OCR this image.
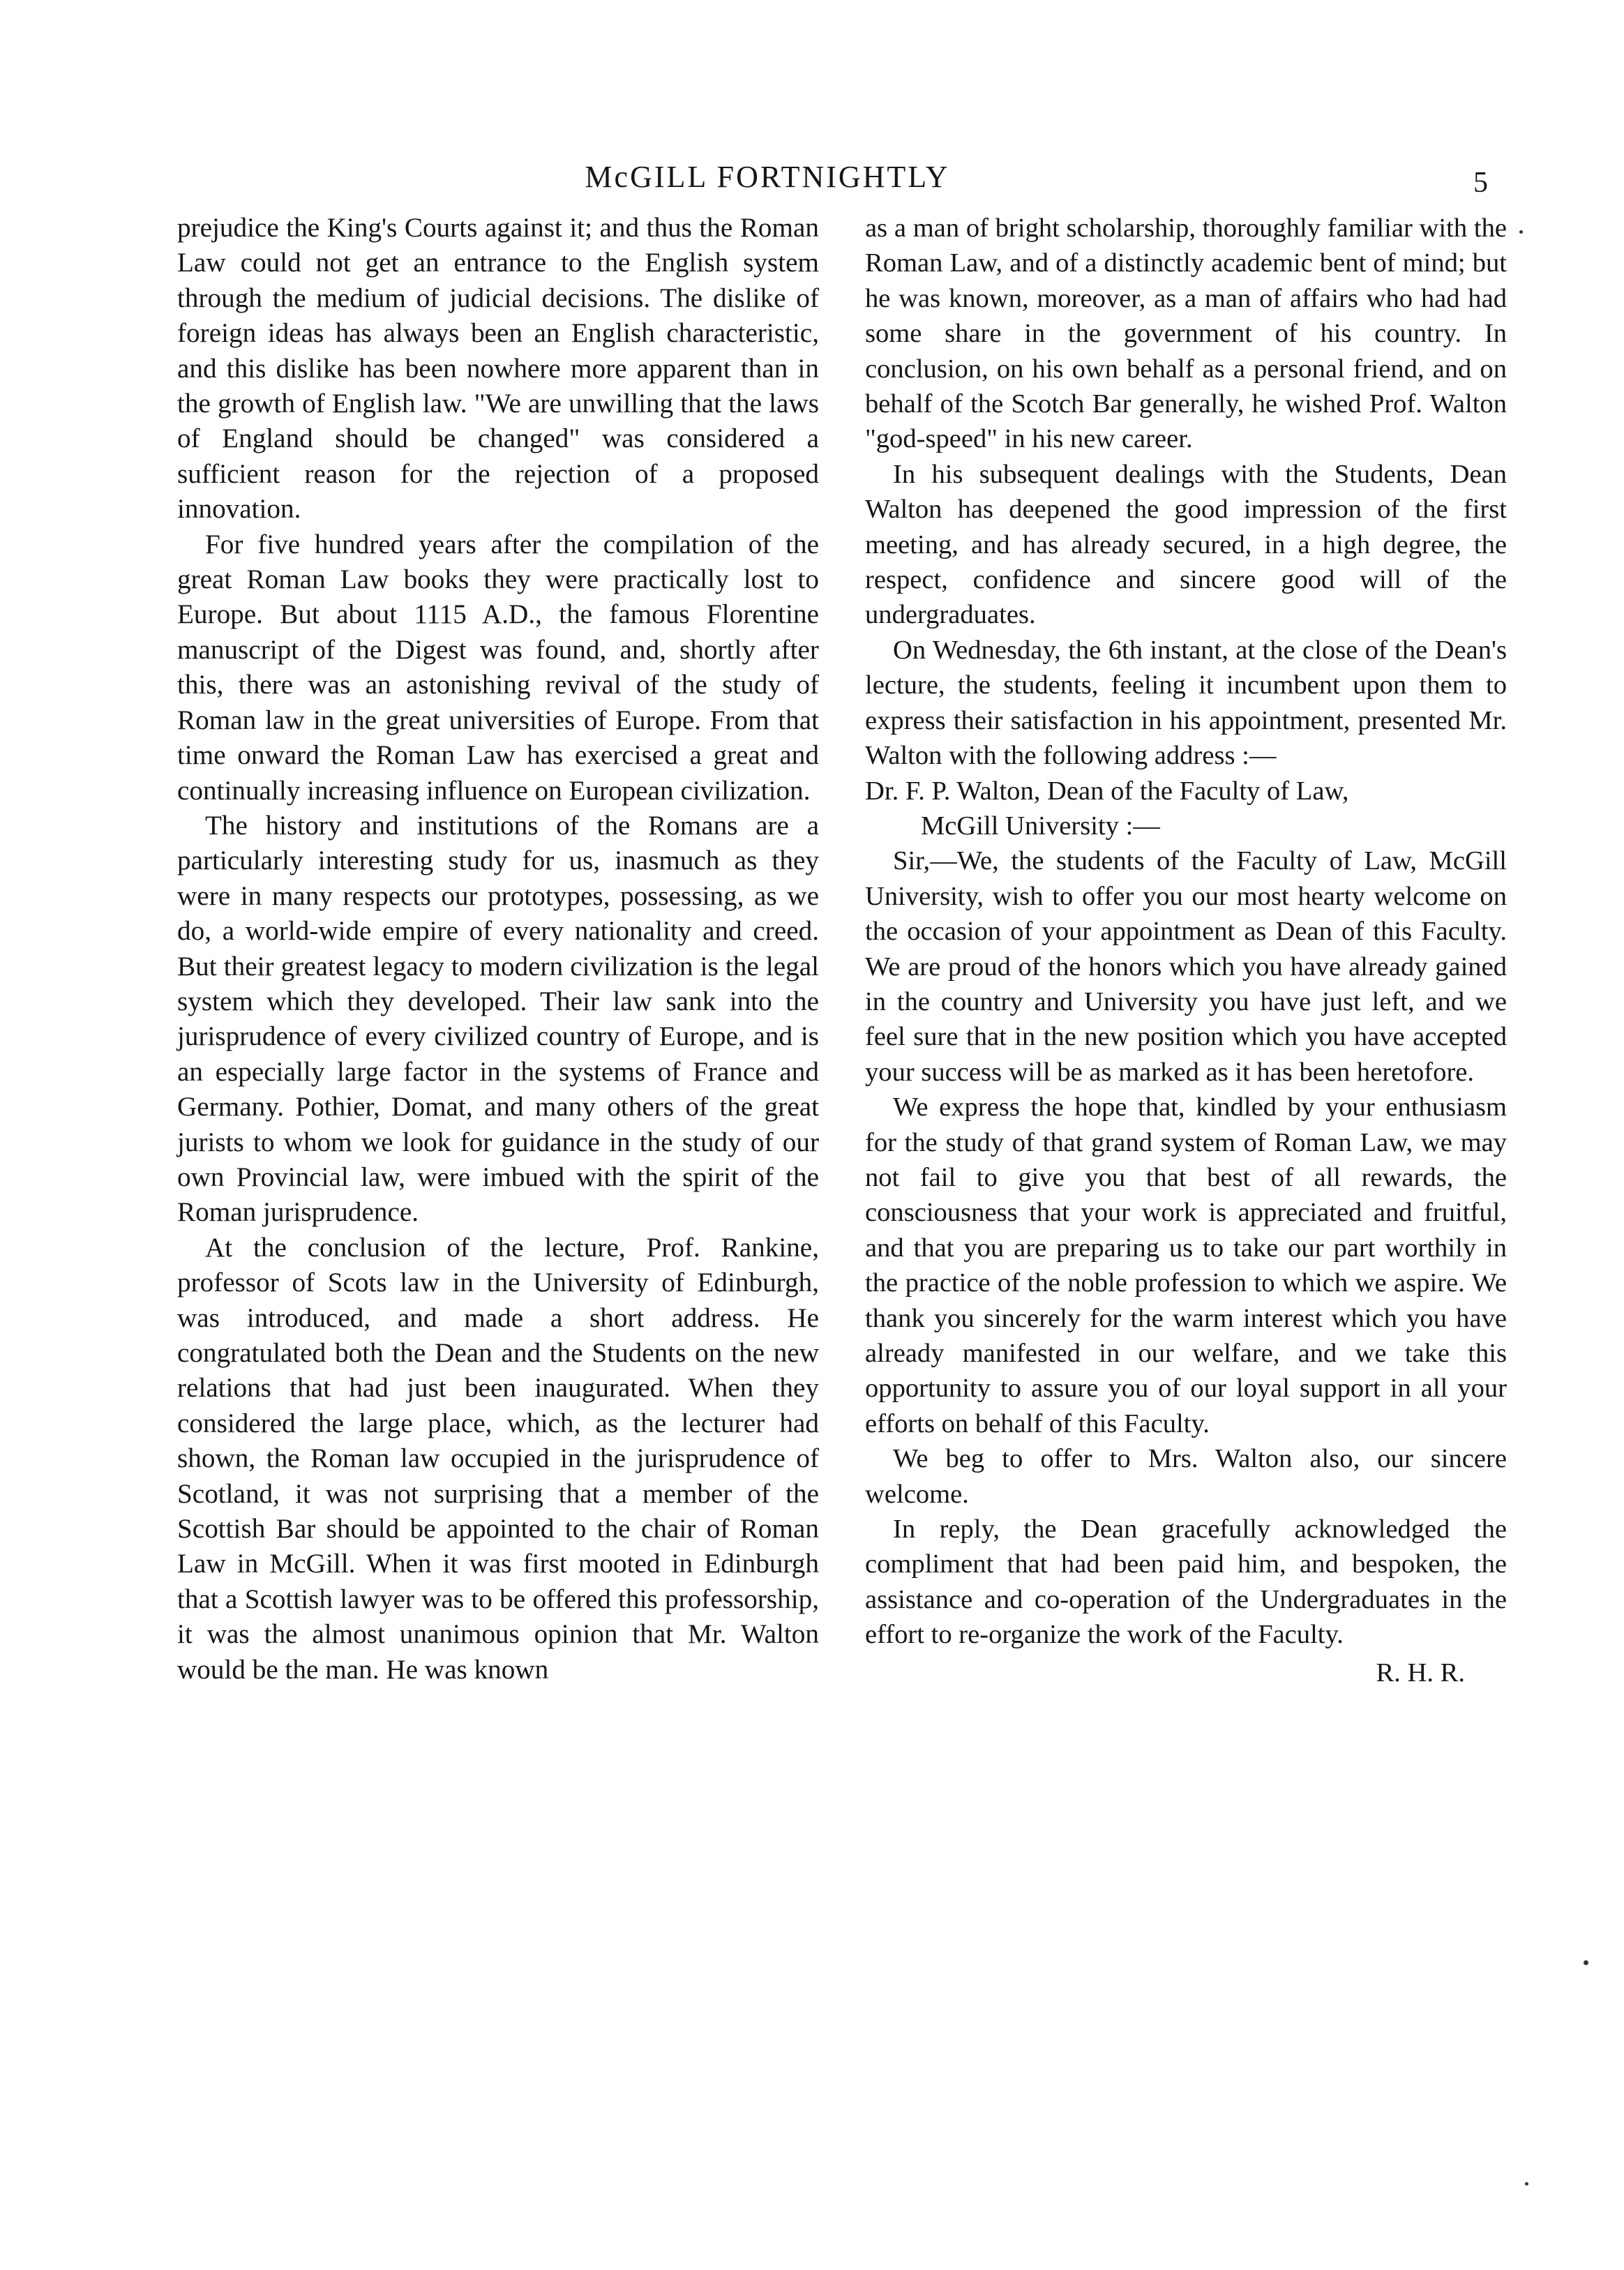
McGILL FORTNIGHTLY	5

prejudice the King's Courts against it; and thus the Roman Law could not get an entrance to the English system through the medium of judicial decisions. The dislike of foreign ideas has always been an English characteristic, and this dislike has been nowhere more apparent than in the growth of English law. "We are unwilling that the laws of England should be changed" was considered a sufficient reason for the rejection of a proposed innovation.

For five hundred years after the compilation of the great Roman Law books they were practically lost to Europe. But about 1115 A.D., the famous Florentine manuscript of the Digest was found, and, shortly after this, there was an astonishing revival of the study of Roman law in the great universities of Europe. From that time onward the Roman Law has exercised a great and continually increasing influence on European civilization.

The history and institutions of the Romans are a particularly interesting study for us, inasmuch as they were in many respects our prototypes, possessing, as we do, a world-wide empire of every nationality and creed. But their greatest legacy to modern civilization is the legal system which they developed. Their law sank into the jurisprudence of every civilized country of Europe, and is an especially large factor in the systems of France and Germany. Pothier, Domat, and many others of the great jurists to whom we look for guidance in the study of our own Provincial law, were imbued with the spirit of the Roman jurisprudence.

At the conclusion of the lecture, Prof. Rankine, professor of Scots law in the University of Edinburgh, was introduced, and made a short address. He congratulated both the Dean and the Students on the new relations that had just been inaugurated. When they considered the large place, which, as the lecturer had shown, the Roman law occupied in the jurisprudence of Scotland, it was not surprising that a member of the Scottish Bar should be appointed to the chair of Roman Law in McGill. When it was first mooted in Edinburgh that a Scottish lawyer was to be offered this professorship, it was the almost unanimous opinion that Mr. Walton would be the man. He was known

as a man of bright scholarship, thoroughly familiar with the Roman Law, and of a distinctly academic bent of mind; but he was known, moreover, as a man of affairs who had had some share in the government of his country. In conclusion, on his own behalf as a personal friend, and on behalf of the Scotch Bar generally, he wished Prof. Walton "god-speed" in his new career.

In his subsequent dealings with the Students, Dean Walton has deepened the good impression of the first meeting, and has already secured, in a high degree, the respect, confidence and sincere good will of the undergraduates.

On Wednesday, the 6th instant, at the close of the Dean's lecture, the students, feeling it incumbent upon them to express their satisfaction in his appointment, presented Mr. Walton with the following address :—

Dr. F. P. Walton, Dean of the Faculty of Law,

McGill University :—

Sir,—We, the students of the Faculty of Law, McGill University, wish to offer you our most hearty welcome on the occasion of your appointment as Dean of this Faculty. We are proud of the honors which you have already gained in the country and University you have just left, and we feel sure that in the new position which you have accepted your success will be as marked as it has been heretofore.

We express the hope that, kindled by your enthusiasm for the study of that grand system of Roman Law, we may not fail to give you that best of all rewards, the consciousness that your work is appreciated and fruitful, and that you are preparing us to take our part worthily in the practice of the noble profession to which we aspire. We thank you sincerely for the warm interest which you have already manifested in our welfare, and we take this opportunity to assure you of our loyal support in all your efforts on behalf of this Faculty.

We beg to offer to Mrs. Walton also, our sincere welcome.

In reply, the Dean gracefully acknowledged the compliment that had been paid him, and bespoken, the assistance and co-operation of the Undergraduates in the effort to re-organize the work of the Faculty.

R. H. R.
